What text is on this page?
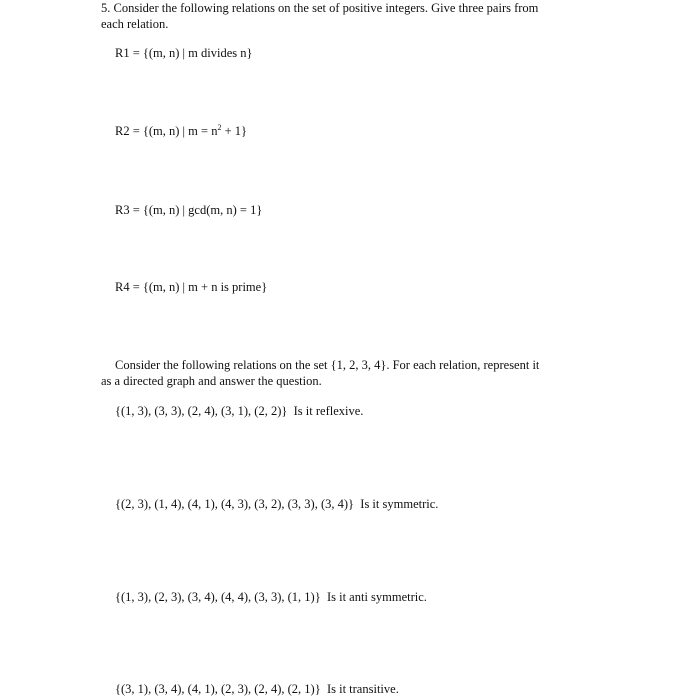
5. Consider the following relations on the set of positive integers. Give three pairs from

each relation.

R1 = {(m, n) | m divides n}
R2 = {(m, n) | $m = n^2 + 1$}
R3 = {(m, n) | gcd(m, n) = 1}
R4 = {(m, n) | m + n is prime}

Consider the following relations on the set {1, 2, 3, 4}. For each relation, represent it

as a directed graph and answer the question.

{(1, 3), (3, 3), (2, 4), (3, 1), (2, 2)} Is it reflexive.
{(2, 3), (1, 4), (4, 1), (4, 3), (3, 2), (3, 3), (3, 4)} Is it symmetric.
{(1, 3), (2, 3), (3, 4), (4, 4), (3, 3), (1, 1)} Is it anti symmetric.
{(3, 1), (3, 4), (4, 1), (2, 3), (2, 4), (2, 1)} Is it transitive.
